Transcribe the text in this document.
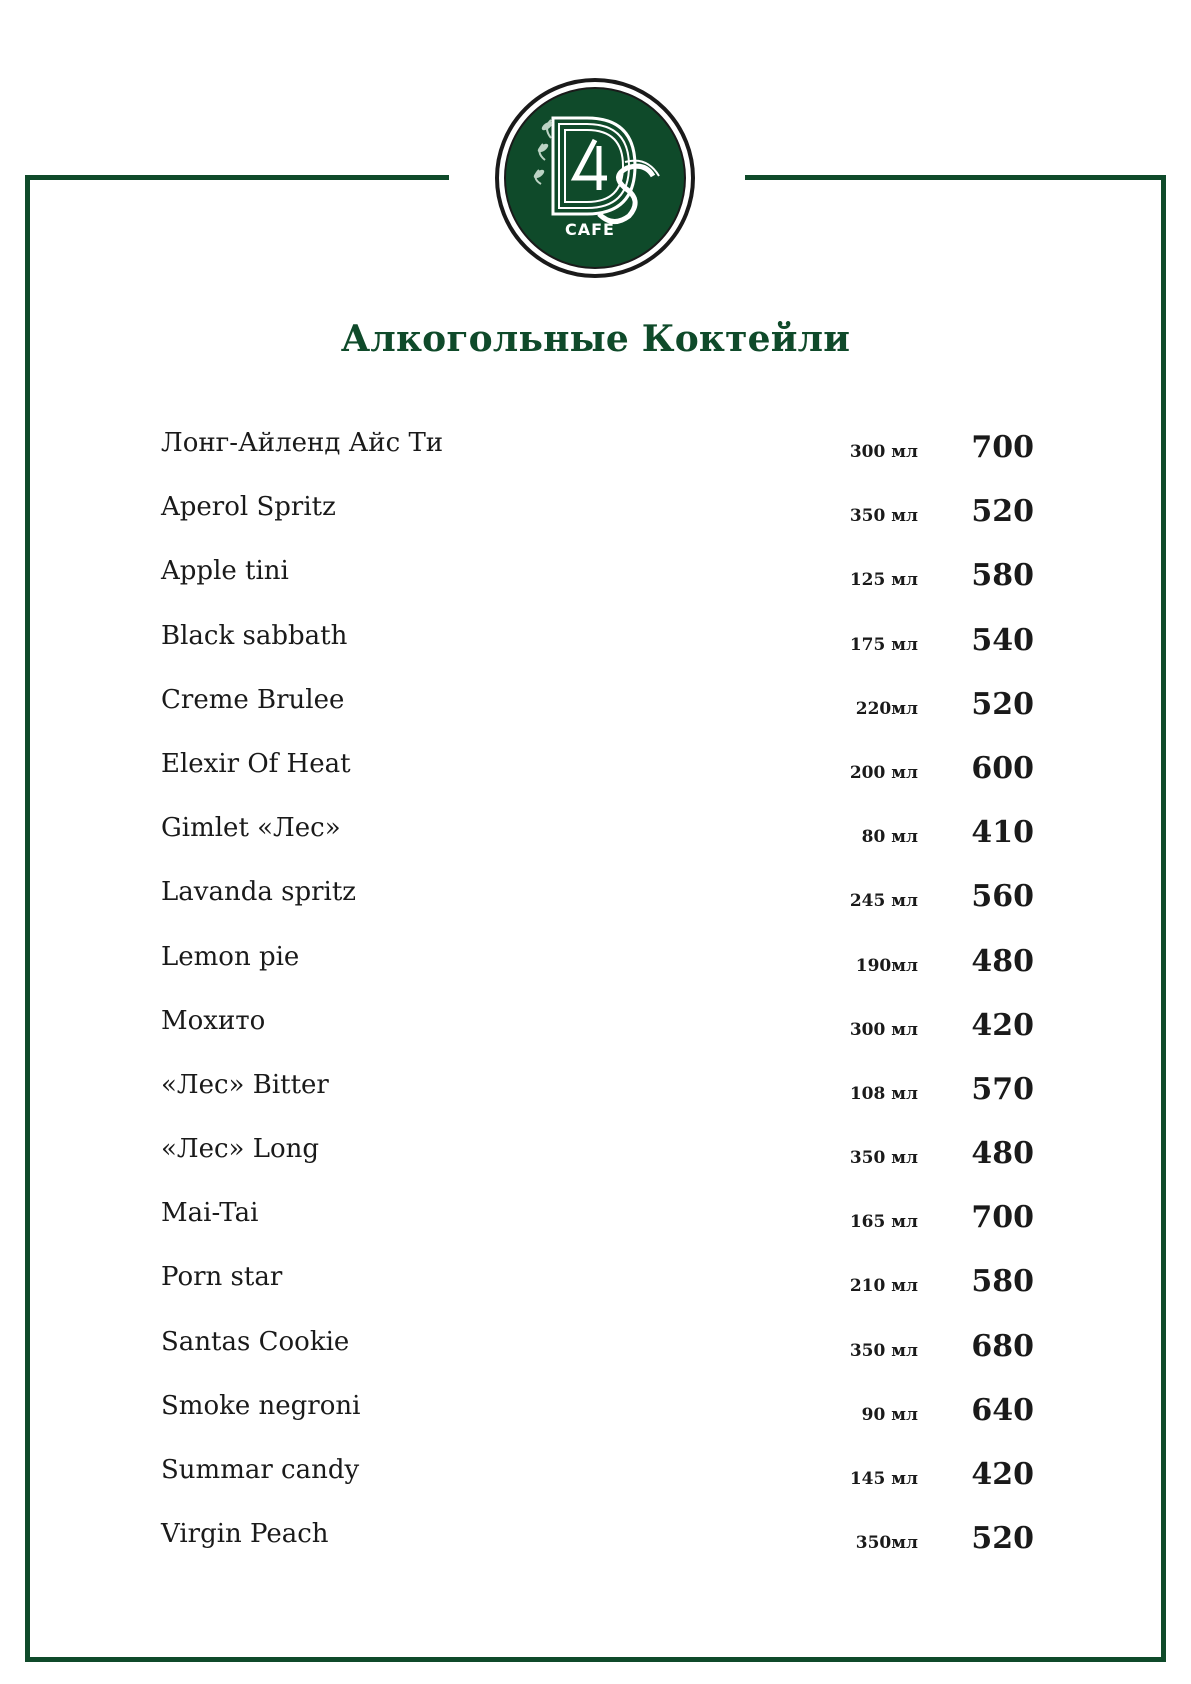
CAFE
Алкогольные Коктейли
Лонг-Айленд Айс Ти	300 мл 700
Aperol Spritz	350 мл 520
Apple tini	125 мл 580
Black sabbath	175 мл 540
Creme Brulee	220мл 520
Elexir Of Heat	200 мл 600
Gimlet «Лес»	80 мл 410
Lavanda spritz	245 мл 560
Lemon pie	190мл 480
Мохито	300 мл 420
«Лес» Bitter	108 мл 570
«Лес» Long	350 мл 480
Mai-Tai	165 мл 700
Porn star	210 мл 580
Santas Cookie	350 мл 680
Smoke negroni	90 мл 640
Summar candy	145 мл 420
Virgin Peach	350мл 520
